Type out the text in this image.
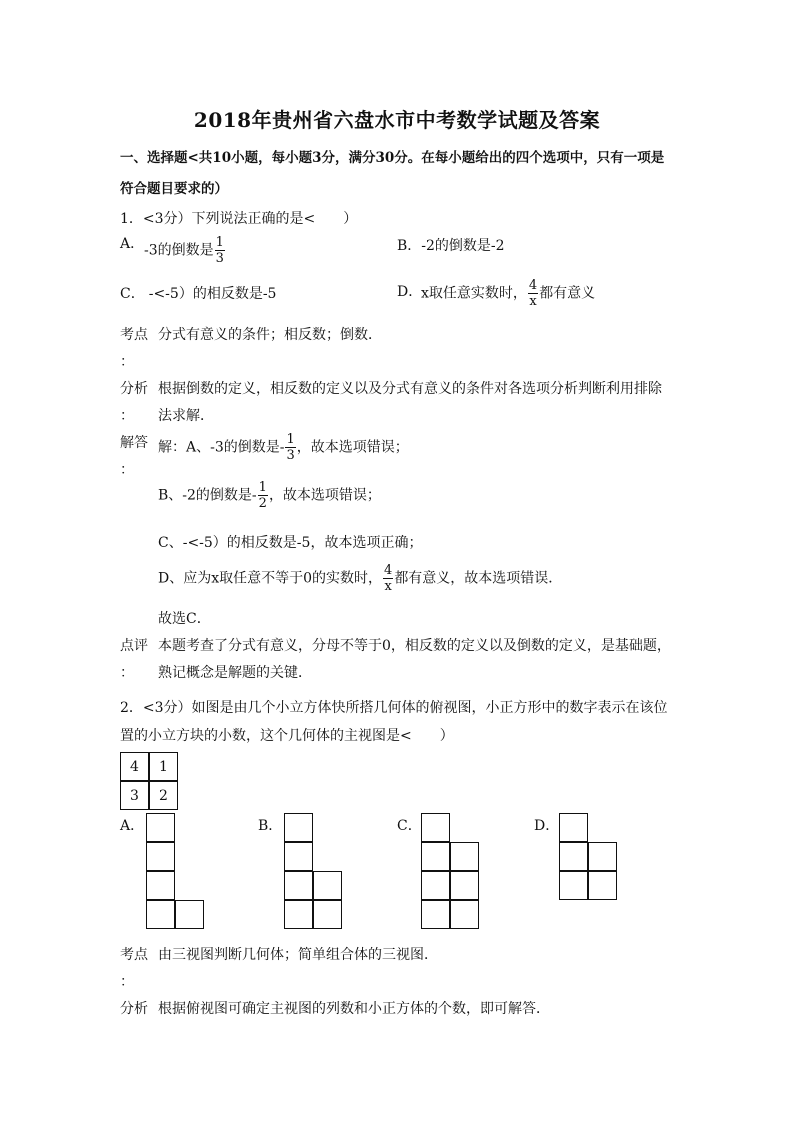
2018年贵州省六盘水市中考数学试题及答案
一、选择题<共10小题，每小题3分，满分30分。在每小题给出的四个选项中，只有一项是
符合题目要求的）
1．<3分）下列说法正确的是<　　）
A． -3的倒数是 $\frac{1}{3}$	B．-2的倒数是-2
C． -<-5）的相反数是-5	D．
x取任意实数时， $\frac{4}{x}$ 都有意义
考点 分式有意义的条件；相反数；倒数．
：
分析 根据倒数的定义，相反数的定义以及分式有意义的条件对各选项分析判断利用排除
： 法求解．
解答
：
解：A、-3的倒数是- $\frac{1}{3}$ ，故本选项错误；
B、-2的倒数是- $\frac{1}{2}$ ，故本选项错误；
C、-<-5）的相反数是-5，故本选项正确；
D、应为x取任意不等于0的实数时， $\frac{4}{x}$ 都有意义，故本选项错误．
故选C．
点评 本题考查了分式有意义，分母不等于0，相反数的定义以及倒数的定义，是基础题，
： 熟记概念是解题的关键．
2．<3分）如图是由几个小立方体快所搭几何体的俯视图，小正方形中的数字表示在该位
置的小立方块的小数，这个几何体的主视图是<　　）
4	1
3	2
A．	B．	C．	D．
考点 由三视图判断几何体；简单组合体的三视图．
：
分析 根据俯视图可确定主视图的列数和小正方体的个数，即可解答．
